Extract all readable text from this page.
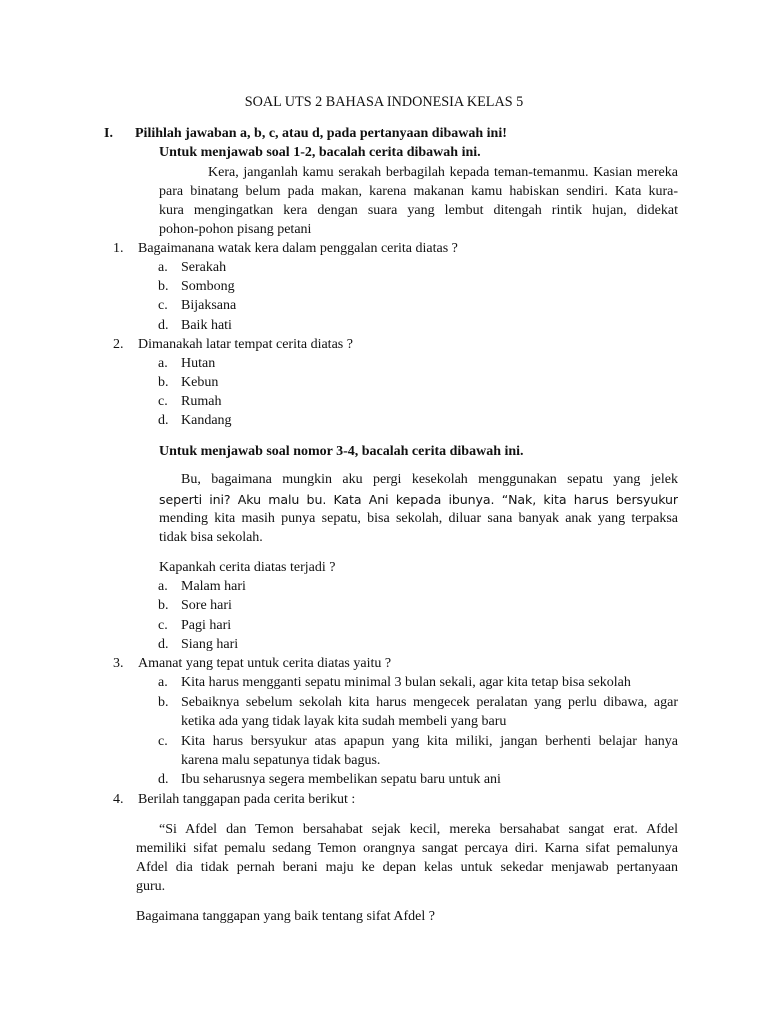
SOAL UTS 2 BAHASA INDONESIA KELAS 5
I. Pilihlah jawaban a, b, c, atau d, pada pertanyaan dibawah ini!
Untuk menjawab soal 1-2, bacalah cerita dibawah ini.
Kera, janganlah kamu serakah berbagilah kepada teman-temanmu. Kasian mereka
para binatang belum pada makan, karena makanan kamu habiskan sendiri. Kata kura-
kura mengingatkan kera dengan suara yang lembut ditengah rintik hujan, didekat
pohon-pohon pisang petani
1. Bagaimanana watak kera dalam penggalan cerita diatas ?
a. Serakah
b. Sombong
c. Bijaksana
d. Baik hati
2. Dimanakah latar tempat cerita diatas ?
a. Hutan
b. Kebun
c. Rumah
d. Kandang
Untuk menjawab soal nomor 3-4, bacalah cerita dibawah ini.
Bu, bagaimana mungkin aku pergi kesekolah menggunakan sepatu yang jelek
seperti ini? Aku malu bu. Kata Ani kepada ibunya. “Nak, kita harus bersyukur
mending kita masih punya sepatu, bisa sekolah, diluar sana banyak anak yang terpaksa
tidak bisa sekolah.
Kapankah cerita diatas terjadi ?
a. Malam hari
b. Sore hari
c. Pagi hari
d. Siang hari
3. Amanat yang tepat untuk cerita diatas yaitu ?
a. Kita harus mengganti sepatu minimal 3 bulan sekali, agar kita tetap bisa sekolah
b. Sebaiknya sebelum sekolah kita harus mengecek peralatan yang perlu dibawa, agar
ketika ada yang tidak layak kita sudah membeli yang baru
c. Kita harus bersyukur atas apapun yang kita miliki, jangan berhenti belajar hanya
karena malu sepatunya tidak bagus.
d. Ibu seharusnya segera membelikan sepatu baru untuk ani
4. Berilah tanggapan pada cerita berikut :
“Si Afdel dan Temon bersahabat sejak kecil, mereka bersahabat sangat erat. Afdel
memiliki sifat pemalu sedang Temon orangnya sangat percaya diri. Karna sifat pemalunya
Afdel dia tidak pernah berani maju ke depan kelas untuk sekedar menjawab pertanyaan
guru.
Bagaimana tanggapan yang baik tentang sifat Afdel ?
